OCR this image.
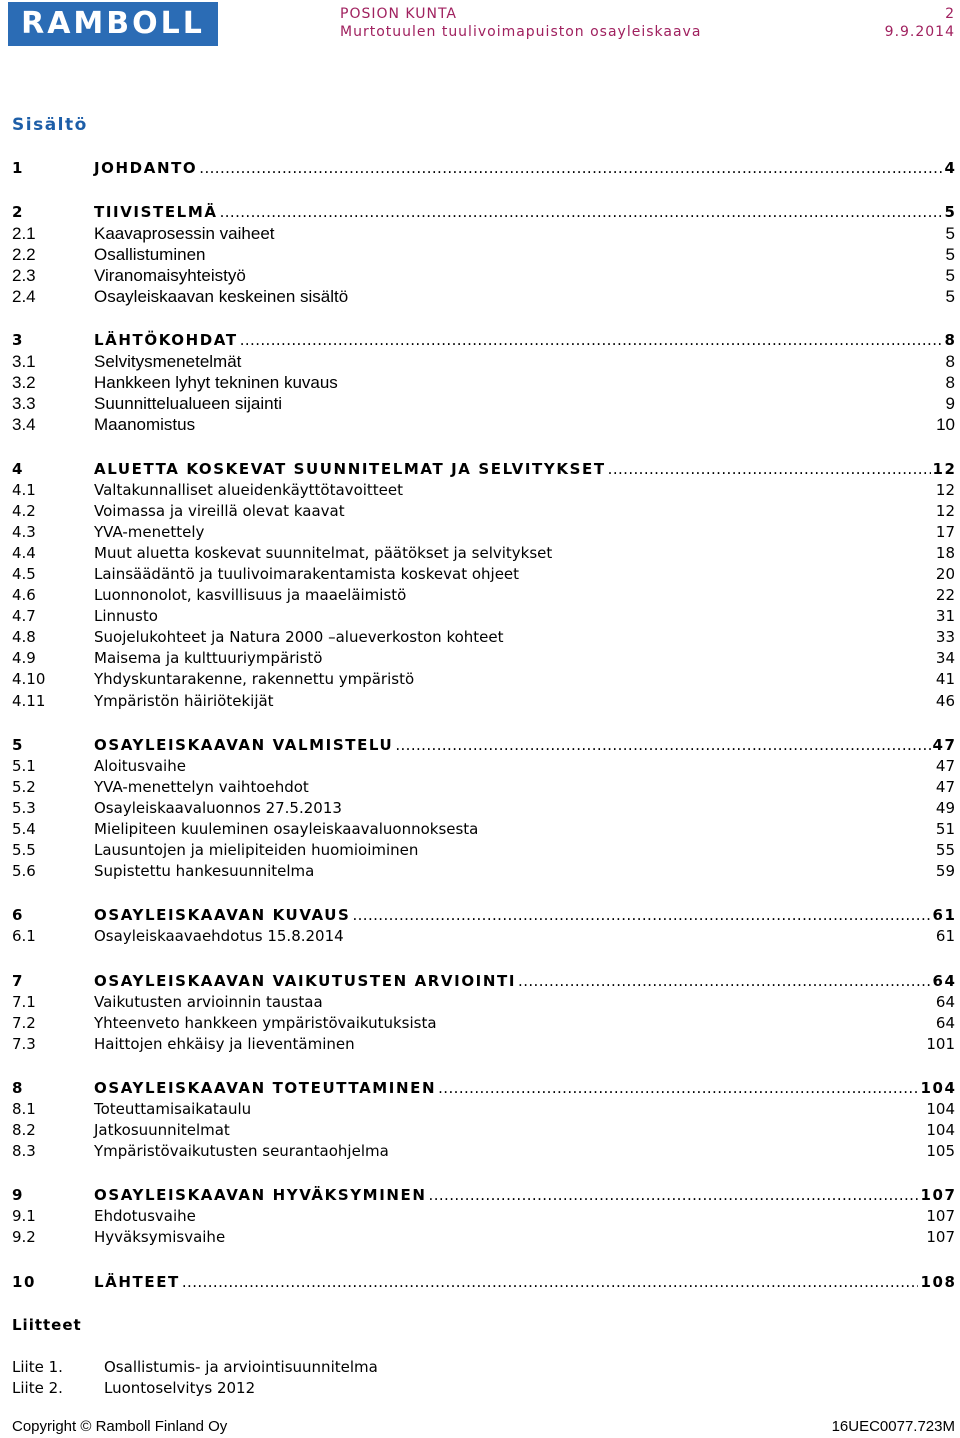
RAMBOLL	POSION KUNTA
Murtotuulen tuulivoimapuiston osayleiskaava
2
9.9.2014
Sisältö
1	JOHDANTO .....	4
2	TIIVISTELMÄ .....	5
2.1	Kaavaprosessin vaiheet	5
2.2	Osallistuminen	5
2.3	Viranomaisyhteistyö	5
2.4	Osayleiskaavan keskeinen sisältö	5
3	LÄHTÖKOHDAT .....	8
3.1	Selvitysmenetelmät	8
3.2	Hankkeen lyhyt tekninen kuvaus	8
3.3	Suunnittelualueen sijainti	9
3.4	Maanomistus	10
4	ALUETTA KOSKEVAT SUUNNITELMAT JA SELVITYKSET .....	12
4.1	Valtakunnalliset alueidenkäyttötavoitteet	12
4.2	Voimassa ja vireillä olevat kaavat	12
4.3	YVA-menettely	17
4.4	Muut aluetta koskevat suunnitelmat, päätökset ja selvitykset	18
4.5	Lainsäädäntö ja tuulivoimarakentamista koskevat ohjeet	20
4.6	Luonnonolot, kasvillisuus ja maaeläimistö	22
4.7	Linnusto	31
4.8	Suojelukohteet ja Natura 2000 –alueverkoston kohteet	33
4.9	Maisema ja kulttuuriympäristö	34
4.10	Yhdyskuntarakenne, rakennettu ympäristö	41
4.11	Ympäristön häiriötekijät	46
5	OSAYLEISKAAVAN VALMISTELU .....	47
5.1	Aloitusvaihe	47
5.2	YVA-menettelyn vaihtoehdot	47
5.3	Osayleiskaavaluonnos 27.5.2013	49
5.4	Mielipiteen kuuleminen osayleiskaavaluonnoksesta	51
5.5	Lausuntojen ja mielipiteiden huomioiminen	55
5.6	Supistettu hankesuunnitelma	59
6	OSAYLEISKAAVAN KUVAUS .....	61
6.1	Osayleiskaavaehdotus 15.8.2014	61
7	OSAYLEISKAAVAN VAIKUTUSTEN ARVIOINTI .....	64
7.1	Vaikutusten arvioinnin taustaa	64
7.2	Yhteenveto hankkeen ympäristövaikutuksista	64
7.3	Haittojen ehkäisy ja lieventäminen	101
8	OSAYLEISKAAVAN TOTEUTTAMINEN .....	104
8.1	Toteuttamisaikataulu	104
8.2	Jatkosuunnitelmat	104
8.3	Ympäristövaikutusten seurantaohjelma	105
9	OSAYLEISKAAVAN HYVÄKSYMINEN .....	107
9.1	Ehdotusvaihe	107
9.2	Hyväksymisvaihe	107
10	LÄHTEET .....	108
Liitteet
Liite 1.	Osallistumis- ja arviointisuunnitelma
Liite 2.	Luontoselvitys 2012
Copyright © Ramboll Finland Oy	16UEC0077.723M
